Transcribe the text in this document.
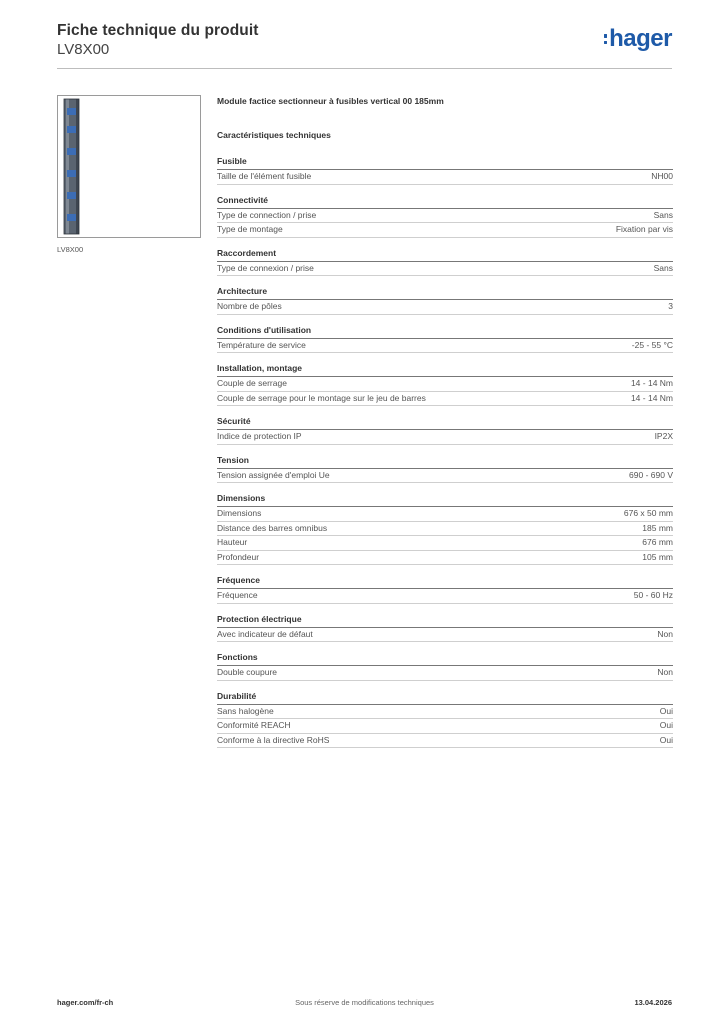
Fiche technique du produit
LV8X00	hager
LV8X00
Module factice sectionneur à fusibles vertical 00 185mm
Caractéristiques techniques
Fusible
Taille de l'élément fusible	NH00
Connectivité
Type de connection / prise	Sans
Type de montage	Fixation par vis
Raccordement
Type de connexion / prise	Sans
Architecture
Nombre de pôles	3
Conditions d'utilisation
Température de service	-25 - 55 °C
Installation, montage
Couple de serrage	14 - 14 Nm
Couple de serrage pour le montage sur le jeu de barres	14 - 14 Nm
Sécurité
Indice de protection IP	IP2X
Tension
Tension assignée d'emploi Ue	690 - 690 V
Dimensions
Dimensions	676 x 50 mm
Distance des barres omnibus	185 mm
Hauteur	676 mm
Profondeur	105 mm
Fréquence
Fréquence	50 - 60 Hz
Protection électrique
Avec indicateur de défaut	Non
Fonctions
Double coupure	Non
Durabilité
Sans halogène	Oui
Conformité REACH	Oui
Conforme à la directive RoHS	Oui
Sous réserve de modifications techniques
hager.com/fr-ch	13.04.2026
